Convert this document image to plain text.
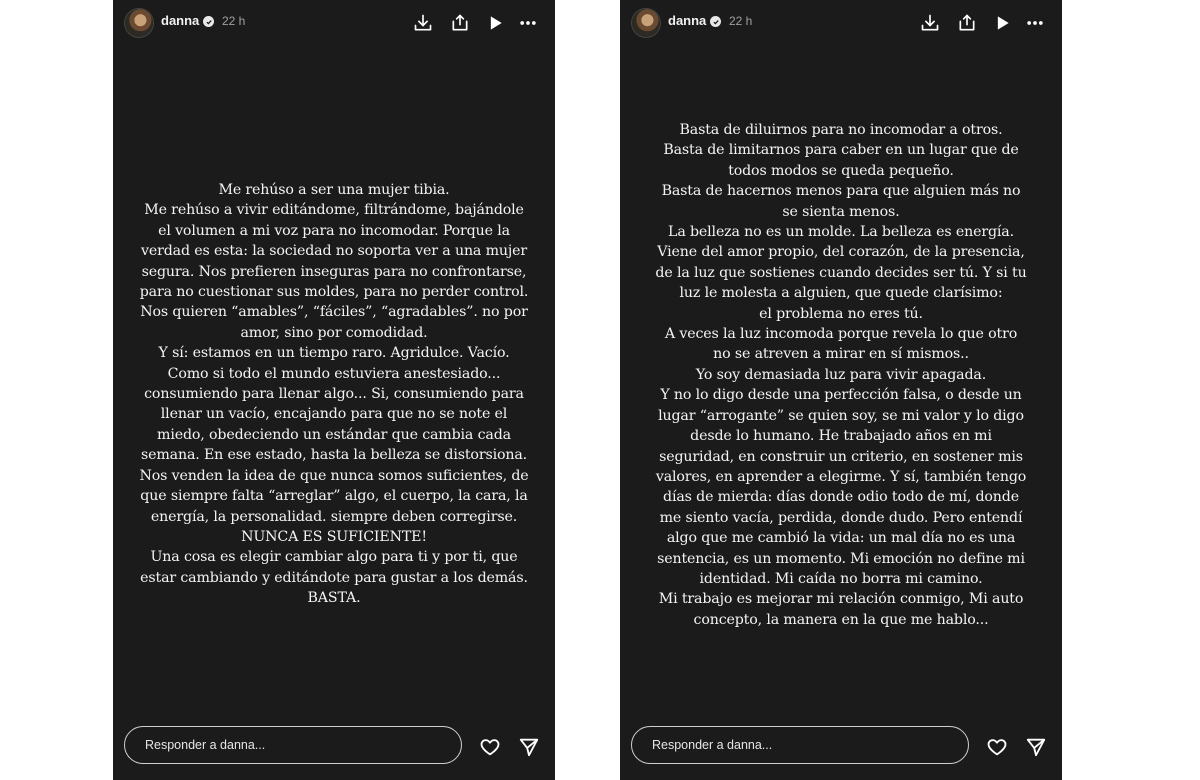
danna 22 h
Me rehúso a ser una mujer tibia.
Me rehúso a vivir editándome, filtrándome, bajándole
el volumen a mi voz para no incomodar. Porque la
verdad es esta: la sociedad no soporta ver a una mujer
segura. Nos prefieren inseguras para no confrontarse,
para no cuestionar sus moldes, para no perder control.
Nos quieren “amables”, “fáciles”, “agradables”. no por
amor, sino por comodidad.
Y sí: estamos en un tiempo raro. Agridulce. Vacío.
Como si todo el mundo estuviera anestesiado...
consumiendo para llenar algo... Si, consumiendo para
llenar un vacío, encajando para que no se note el
miedo, obedeciendo un estándar que cambia cada
semana. En ese estado, hasta la belleza se distorsiona.
Nos venden la idea de que nunca somos suficientes, de
que siempre falta “arreglar” algo, el cuerpo, la cara, la
energía, la personalidad. siempre deben corregirse.
NUNCA ES SUFICIENTE!
Una cosa es elegir cambiar algo para ti y por ti, que
estar cambiando y editándote para gustar a los demás.
BASTA.
Responder a danna...
danna 22 h
Basta de diluirnos para no incomodar a otros.
Basta de limitarnos para caber en un lugar que de
todos modos se queda pequeño.
Basta de hacernos menos para que alguien más no
se sienta menos.
La belleza no es un molde. La belleza es energía.
Viene del amor propio, del corazón, de la presencia,
de la luz que sostienes cuando decides ser tú. Y si tu
luz le molesta a alguien, que quede clarísimo:
el problema no eres tú.
A veces la luz incomoda porque revela lo que otro
no se atreven a mirar en sí mismos..
Yo soy demasiada luz para vivir apagada.
Y no lo digo desde una perfección falsa, o desde un
lugar “arrogante” se quien soy, se mi valor y lo digo
desde lo humano. He trabajado años en mi
seguridad, en construir un criterio, en sostener mis
valores, en aprender a elegirme. Y sí, también tengo
días de mierda: días donde odio todo de mí, donde
me siento vacía, perdida, donde dudo. Pero entendí
algo que me cambió la vida: un mal día no es una
sentencia, es un momento. Mi emoción no define mi
identidad. Mi caída no borra mi camino.
Mi trabajo es mejorar mi relación conmigo, Mi auto
concepto, la manera en la que me hablo...
Responder a danna...
